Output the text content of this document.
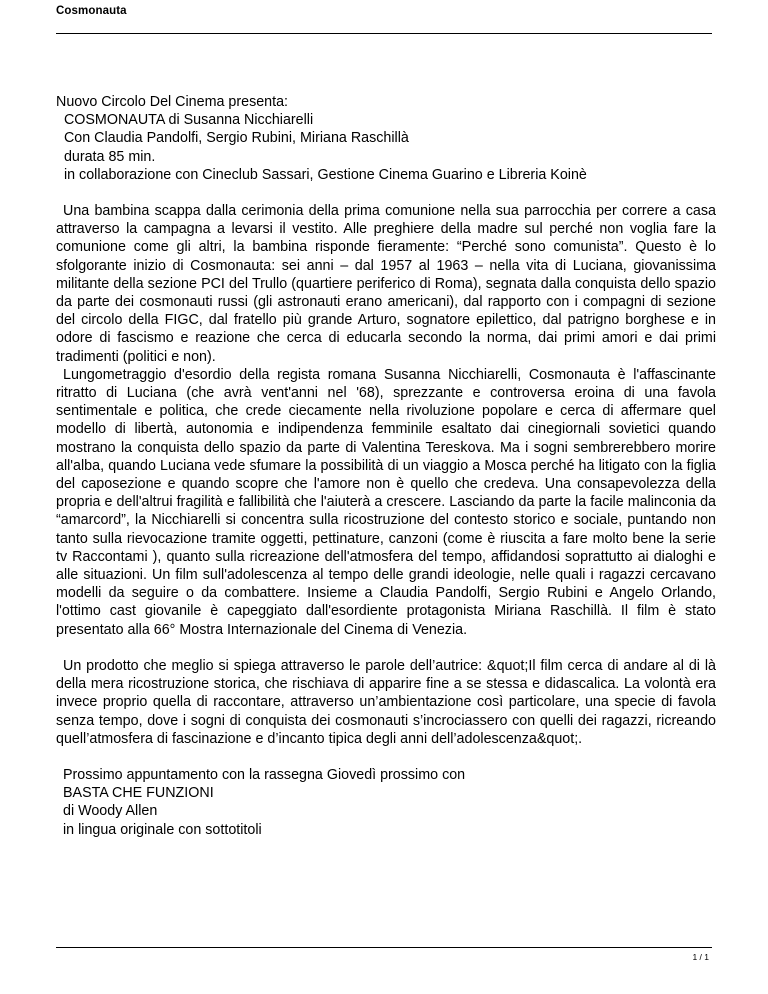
Cosmonauta
Nuovo Circolo Del Cinema presenta:
COSMONAUTA di Susanna Nicchiarelli
Con Claudia Pandolfi, Sergio Rubini, Miriana Raschillà
durata 85 min.
in collaborazione con Cineclub Sassari, Gestione Cinema Guarino e Libreria Koinè

Una bambina scappa dalla cerimonia della prima comunione nella sua parrocchia per correre a casa attraverso la campagna a levarsi il vestito. Alle preghiere della madre sul perché non voglia fare la comunione come gli altri, la bambina risponde fieramente: “Perché sono comunista”. Questo è lo sfolgorante inizio di Cosmonauta: sei anni – dal 1957 al 1963 – nella vita di Luciana, giovanissima militante della sezione PCI del Trullo (quartiere periferico di Roma), segnata dalla conquista dello spazio da parte dei cosmonauti russi (gli astronauti erano americani), dal rapporto con i compagni di sezione del circolo della FIGC, dal fratello più grande Arturo, sognatore epilettico, dal patrigno borghese e in odore di fascismo e reazione che cerca di educarla secondo la norma, dai primi amori e dai primi tradimenti (politici e non).

Lungometraggio d'esordio della regista romana Susanna Nicchiarelli, Cosmonauta è l'affascinante ritratto di Luciana (che avrà vent'anni nel '68), sprezzante e controversa eroina di una favola sentimentale e politica, che crede ciecamente nella rivoluzione popolare e cerca di affermare quel modello di libertà, autonomia e indipendenza femminile esaltato dai cinegiornali sovietici quando mostrano la conquista dello spazio da parte di Valentina Tereskova. Ma i sogni sembrerebbero morire all'alba, quando Luciana vede sfumare la possibilità di un viaggio a Mosca perché ha litigato con la figlia del caposezione e quando scopre che l'amore non è quello che credeva. Una consapevolezza della propria e dell'altrui fragilità e fallibilità che l'aiuterà a crescere. Lasciando da parte la facile malinconia da “amarcord”, la Nicchiarelli si concentra sulla ricostruzione del contesto storico e sociale, puntando non tanto sulla rievocazione tramite oggetti, pettinature, canzoni (come è riuscita a fare molto bene la serie tv Raccontami ), quanto sulla ricreazione dell'atmosfera del tempo, affidandosi soprattutto ai dialoghi e alle situazioni. Un film sull'adolescenza al tempo delle grandi ideologie, nelle quali i ragazzi cercavano modelli da seguire o da combattere. Insieme a Claudia Pandolfi, Sergio Rubini e Angelo Orlando, l'ottimo cast giovanile è capeggiato dall'esordiente protagonista Miriana Raschillà. Il film è stato presentato alla 66° Mostra Internazionale del Cinema di Venezia.

Un prodotto che meglio si spiega attraverso le parole dell’autrice: &quot;Il film cerca di andare al di là della mera ricostruzione storica, che rischiava di apparire fine a se stessa e didascalica. La volontà era invece proprio quella di raccontare, attraverso un’ambientazione così particolare, una specie di favola senza tempo, dove i sogni di conquista dei cosmonauti s’incrociassero con quelli dei ragazzi, ricreando quell’atmosfera di fascinazione e d’incanto tipica degli anni dell’adolescenza&quot;.

Prossimo appuntamento con la rassegna Giovedì prossimo con
BASTA CHE FUNZIONI
di Woody Allen
in lingua originale con sottotitoli
1 / 1
